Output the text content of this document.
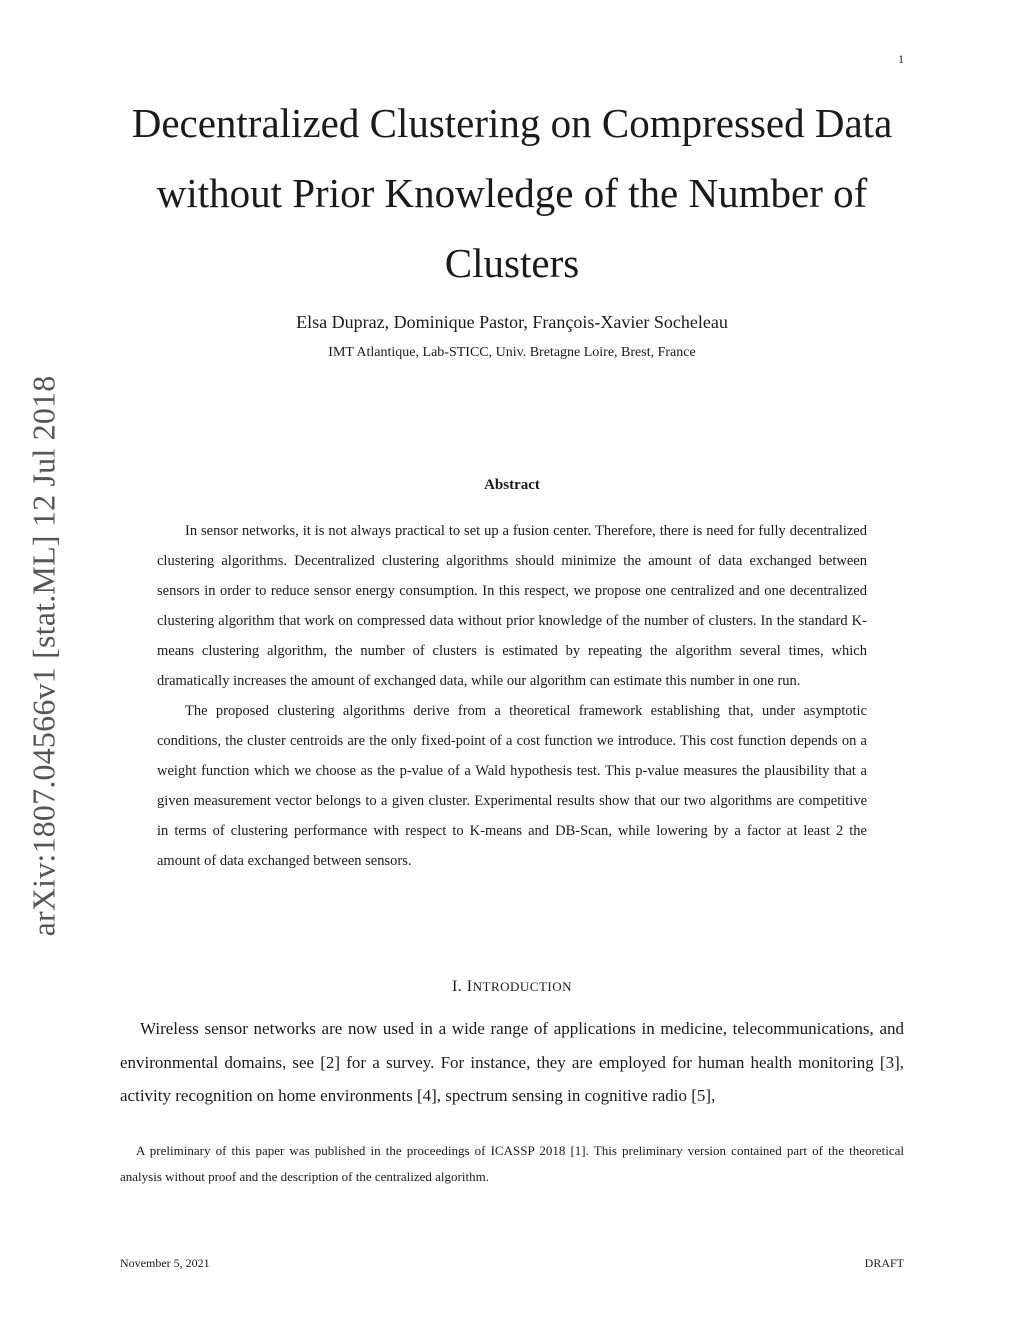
1
arXiv:1807.04566v1 [stat.ML] 12 Jul 2018
Decentralized Clustering on Compressed Data without Prior Knowledge of the Number of Clusters
Elsa Dupraz, Dominique Pastor, François-Xavier Socheleau
IMT Atlantique, Lab-STICC, Univ. Bretagne Loire, Brest, France
Abstract

In sensor networks, it is not always practical to set up a fusion center. Therefore, there is need for fully decentralized clustering algorithms. Decentralized clustering algorithms should minimize the amount of data exchanged between sensors in order to reduce sensor energy consumption. In this respect, we propose one centralized and one decentralized clustering algorithm that work on compressed data without prior knowledge of the number of clusters. In the standard K-means clustering algorithm, the number of clusters is estimated by repeating the algorithm several times, which dramatically increases the amount of exchanged data, while our algorithm can estimate this number in one run.

The proposed clustering algorithms derive from a theoretical framework establishing that, under asymptotic conditions, the cluster centroids are the only fixed-point of a cost function we introduce. This cost function depends on a weight function which we choose as the p-value of a Wald hypothesis test. This p-value measures the plausibility that a given measurement vector belongs to a given cluster. Experimental results show that our two algorithms are competitive in terms of clustering performance with respect to K-means and DB-Scan, while lowering by a factor at least 2 the amount of data exchanged between sensors.

I. INTRODUCTION

Wireless sensor networks are now used in a wide range of applications in medicine, telecommunications, and environmental domains, see [2] for a survey. For instance, they are employed for human health monitoring [3], activity recognition on home environments [4], spectrum sensing in cognitive radio [5],

A preliminary of this paper was published in the proceedings of ICASSP 2018 [1]. This preliminary version contained part of the theoretical analysis without proof and the description of the centralized algorithm.

November 5, 2021	DRAFT
